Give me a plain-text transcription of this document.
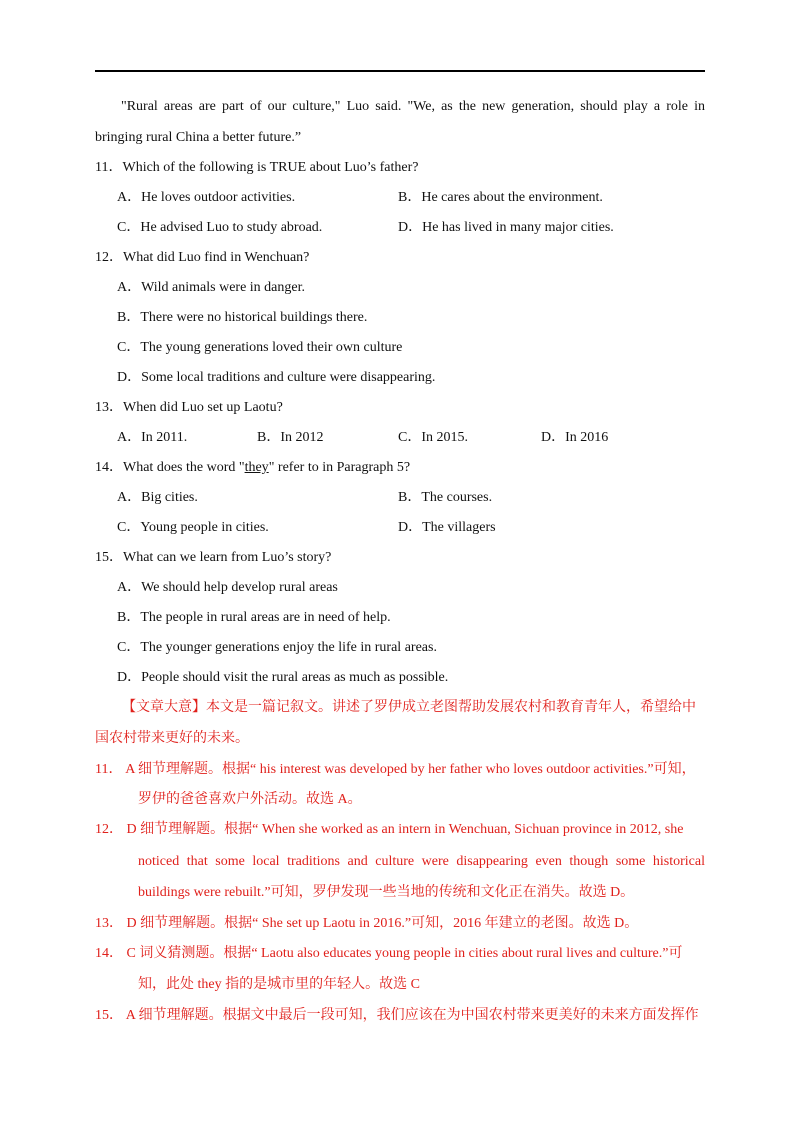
"Rural areas are part of our culture," Luo said. "We, as the new generation, should play a role in
bringing rural China a better future.”
11．Which of the following is TRUE about Luo’s father?
A．He loves outdoor activities.	B．He cares about the environment.
C．He advised Luo to study abroad.	D．He has lived in many major cities.
12．What did Luo find in Wenchuan?
A．Wild animals were in danger.
B．There were no historical buildings there.
C．The young generations loved their own culture
D．Some local traditions and culture were disappearing.
13．When did Luo set up Laotu?
A．In 2011.	B．In 2012	C．In 2015.	D．In 2016
14．What does the word "they" refer to in Paragraph 5?
A．Big cities.	B．The courses.
C．Young people in cities.	D．The villagers
15．What can we learn from Luo’s story?
A．We should help develop rural areas
B．The people in rural areas are in need of help.
C．The younger generations enjoy the life in rural areas.
D．People should visit the rural areas as much as possible.
【文章大意】本文是一篇记叙文。讲述了罗伊成立老图帮助发展农村和教育青年人，希望给中
国农村带来更好的未来。
11． A 细节理解题。根据“ his interest was developed by her father who loves outdoor activities.”可知，
罗伊的爸爸喜欢户外活动。故选 A。
12． D 细节理解题。根据“ When she worked as an intern in Wenchuan, Sichuan province in 2012, she
noticed that some local traditions and culture were disappearing even though some historical
buildings were rebuilt.”可知，罗伊发现一些当地的传统和文化正在消失。故选 D。
13． D 细节理解题。根据“ She set up Laotu in 2016.”可知，2016 年建立的老图。故选 D。
14． C 词义猜测题。根据“ Laotu also educates young people in cities about rural lives and culture.”可
知，此处 they 指的是城市里的年轻人。故选 C
15． A 细节理解题。根据文中最后一段可知，我们应该在为中国农村带来更美好的未来方面发挥作
